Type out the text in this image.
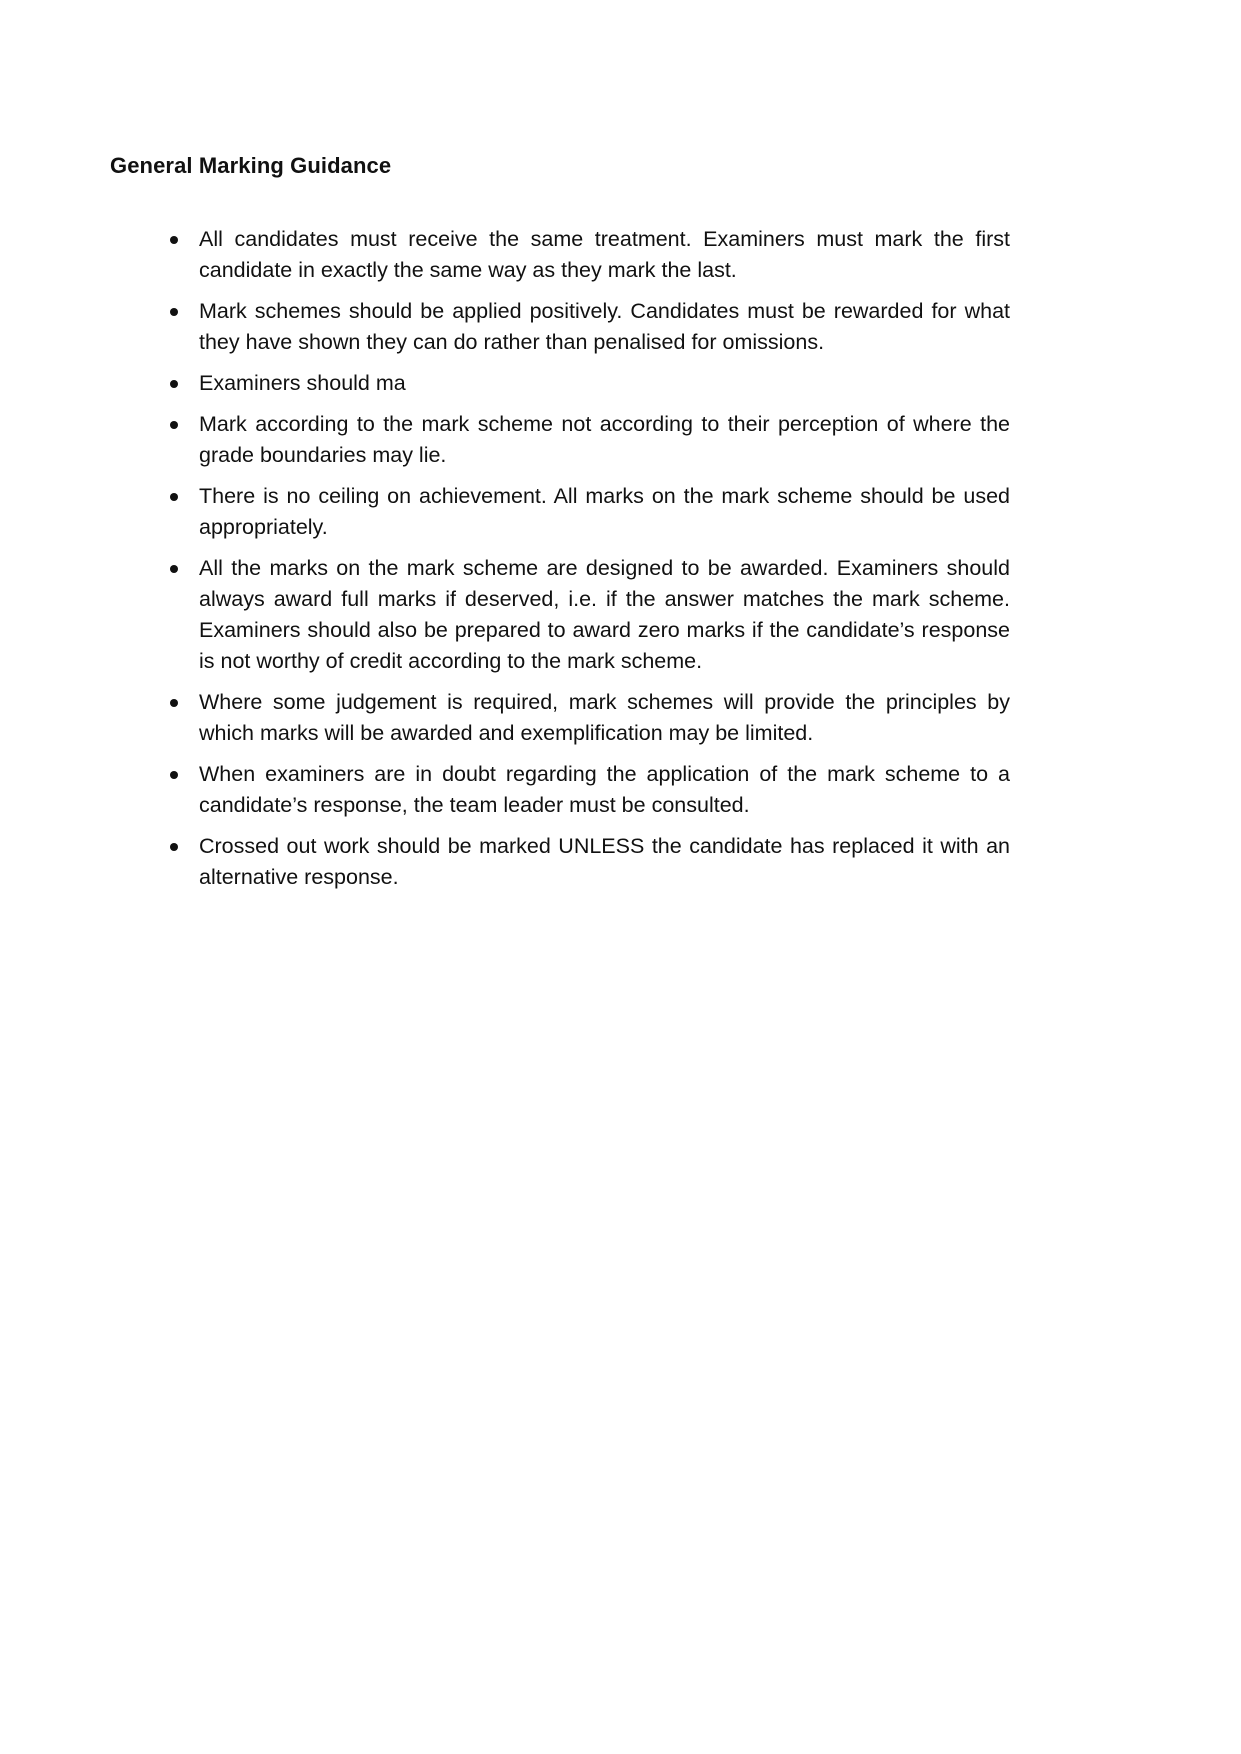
General Marking Guidance
All candidates must receive the same treatment. Examiners must mark the first candidate in exactly the same way as they mark the last.
Mark schemes should be applied positively. Candidates must be rewarded for what they have shown they can do rather than penalised for omissions.
Examiners should ma
Mark according to the mark scheme not according to their perception of where the grade boundaries may lie.
There is no ceiling on achievement. All marks on the mark scheme should be used appropriately.
All the marks on the mark scheme are designed to be awarded. Examiners should always award full marks if deserved, i.e. if the answer matches the mark scheme. Examiners should also be prepared to award zero marks if the candidate’s response is not worthy of credit according to the mark scheme.
Where some judgement is required, mark schemes will provide the principles by which marks will be awarded and exemplification may be limited.
When examiners are in doubt regarding the application of the mark scheme to a candidate’s response, the team leader must be consulted.
Crossed out work should be marked UNLESS the candidate has replaced it with an alternative response.
